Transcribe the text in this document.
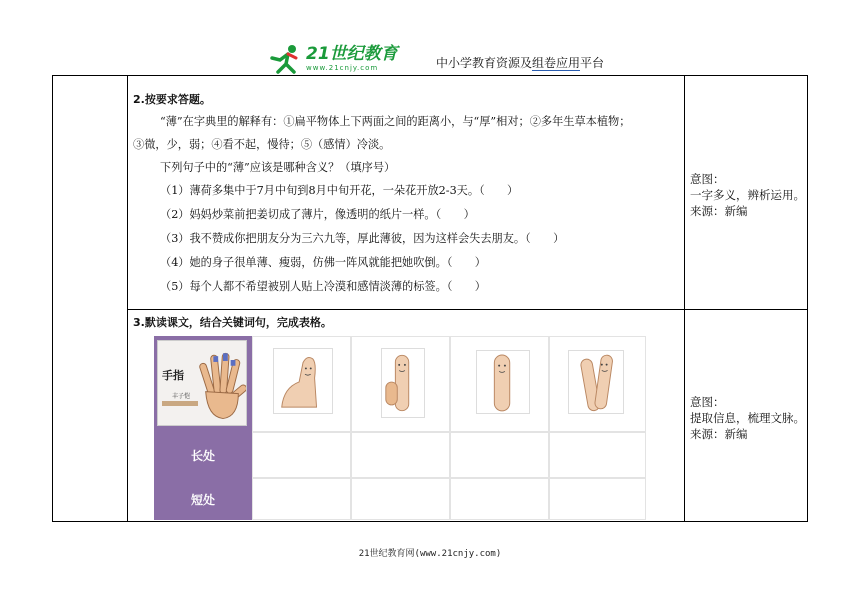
21世纪教育
www.21cnjy.com	中小学教育资源及组卷应用平台
2.按要求答题。
“薄”在字典里的解释有：①扁平物体上下两面之间的距离小，与“厚”相对；②多年生草本植物；
③微，少，弱；④看不起，慢待；⑤（感情）冷淡。
下列句子中的“薄”应该是哪种含义？（填序号）
（1）薄荷多集中于7月中旬到8月中旬开花，一朵花开放2-3天。（　　）
（2）妈妈炒菜前把姜切成了薄片，像透明的纸片一样。（　　）
（3）我不赞成你把朋友分为三六九等，厚此薄彼，因为这样会失去朋友。（　　）
（4）她的身子很单薄、瘦弱，仿佛一阵风就能把她吹倒。（　　）
（5）每个人都不希望被别人贴上冷漠和感情淡薄的标签。（　　）
意图：
一字多义，辨析运用。
来源：新编
3.默读课文，结合关键词句，完成表格。
意图：
提取信息，梳理文脉。
来源：新编
长处
短处
手指
丰子恺
21世纪教育网(www.21cnjy.com)
